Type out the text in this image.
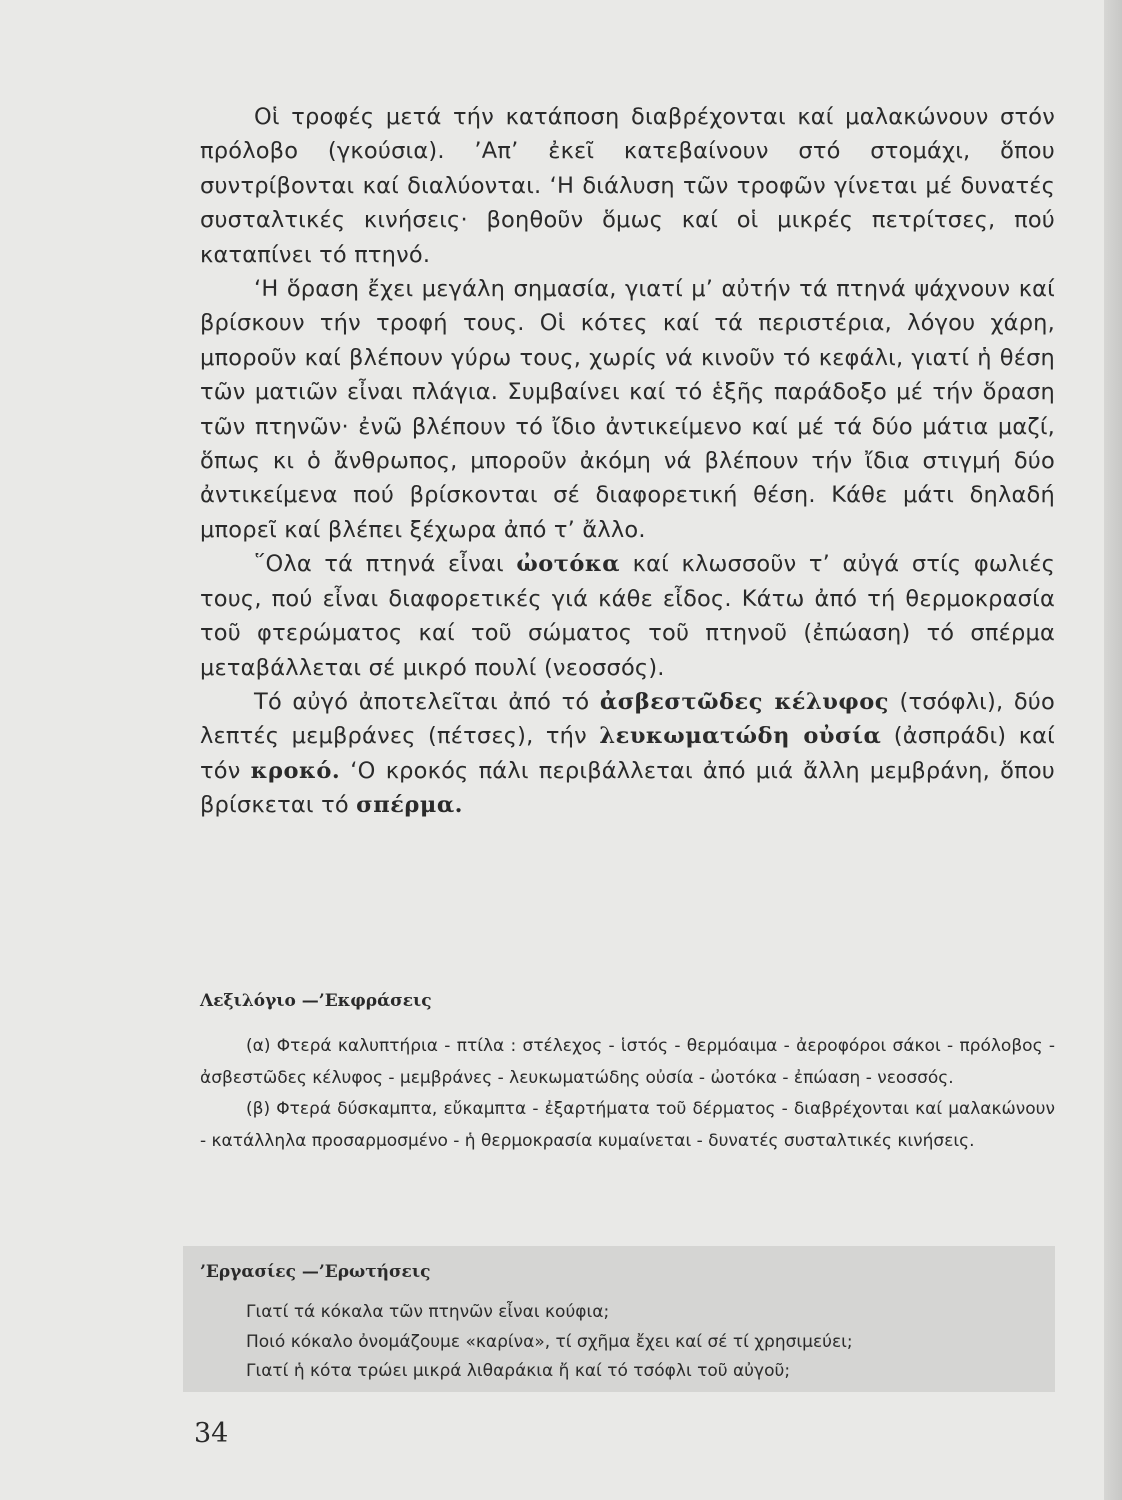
Οἱ τροφές μετά τήν κατάποση διαβρέχονται καί μαλακώνουν στόν πρόλοβο (γκούσια). ’Απ’ ἐκεῖ κατεβαίνουν στό στομάχι, ὅπου συντρίβονται καί διαλύονται. ‘Η διάλυση τῶν τροφῶν γίνεται μέ δυνατές συσταλτικές κινήσεις· βοηθοῦν ὅμως καί οἱ μικρές πετρίτσες, πού καταπίνει τό πτηνό.

‘Η ὅραση ἔχει μεγάλη σημασία, γιατί μ’ αὐτήν τά πτηνά ψάχνουν καί βρίσκουν τήν τροφή τους. Οἱ κότες καί τά περιστέρια, λόγου χάρη, μποροῦν καί βλέπουν γύρω τους, χωρίς νά κινοῦν τό κεφάλι, γιατί ἡ θέση τῶν ματιῶν εἶναι πλάγια. Συμβαίνει καί τό ἑξῆς παράδοξο μέ τήν ὅραση τῶν πτηνῶν· ἐνῶ βλέπουν τό ἴδιο ἀντικείμενο καί μέ τά δύο μάτια μαζί, ὅπως κι ὁ ἄνθρωπος, μποροῦν ἀκόμη νά βλέπουν τήν ἴδια στιγμή δύο ἀντικείμενα πού βρίσκονται σέ διαφορετική θέση. Κάθε μάτι δηλαδή μπορεῖ καί βλέπει ξέχωρα ἀπό τ’ ἄλλο.

῞Ολα τά πτηνά εἶναι ὠοτόκα καί κλωσσοῦν τ’ αὐγά στίς φωλιές τους, πού εἶναι διαφορετικές γιά κάθε εἶδος. Κάτω ἀπό τή θερμοκρασία τοῦ φτερώματος καί τοῦ σώματος τοῦ πτηνοῦ (ἐπώαση) τό σπέρμα μεταβάλλεται σέ μικρό πουλί (νεοσσός).

Τό αὐγό ἀποτελεῖται ἀπό τό ἀσβεστῶδες κέλυφος (τσόφλι), δύο λεπτές μεμβράνες (πέτσες), τήν λευκωματώδη οὐσία (ἀσπράδι) καί τόν κροκό. ‘Ο κροκός πάλι περιβάλλεται ἀπό μιά ἄλλη μεμβράνη, ὅπου βρίσκεται τό σπέρμα.

Λεξιλόγιο —’Εκφράσεις

(α) Φτερά καλυπτήρια - πτίλα : στέλεχος - ἱστός - θερμόαιμα - ἀεροφόροι σάκοι - πρόλοβος - ἀσβεστῶδες κέλυφος - μεμβράνες - λευκωματώδης οὐσία - ὠοτόκα - ἐπώαση - νεοσσός.

(β) Φτερά δύσκαμπτα, εὔκαμπτα - ἐξαρτήματα τοῦ δέρματος - διαβρέχονται καί μαλακώνουν - κατάλληλα προσαρμοσμένο - ἡ θερμοκρασία κυμαίνεται - δυνατές συσταλτικές κινήσεις.

’Εργασίες —’Ερωτήσεις
Γιατί τά κόκαλα τῶν πτηνῶν εἶναι κούφια;
Ποιό κόκαλο ὀνομάζουμε «καρίνα», τί σχῆμα ἔχει καί σέ τί χρησιμεύει;
Γιατί ἡ κότα τρώει μικρά λιθαράκια ἤ καί τό τσόφλι τοῦ αὐγοῦ;
34
